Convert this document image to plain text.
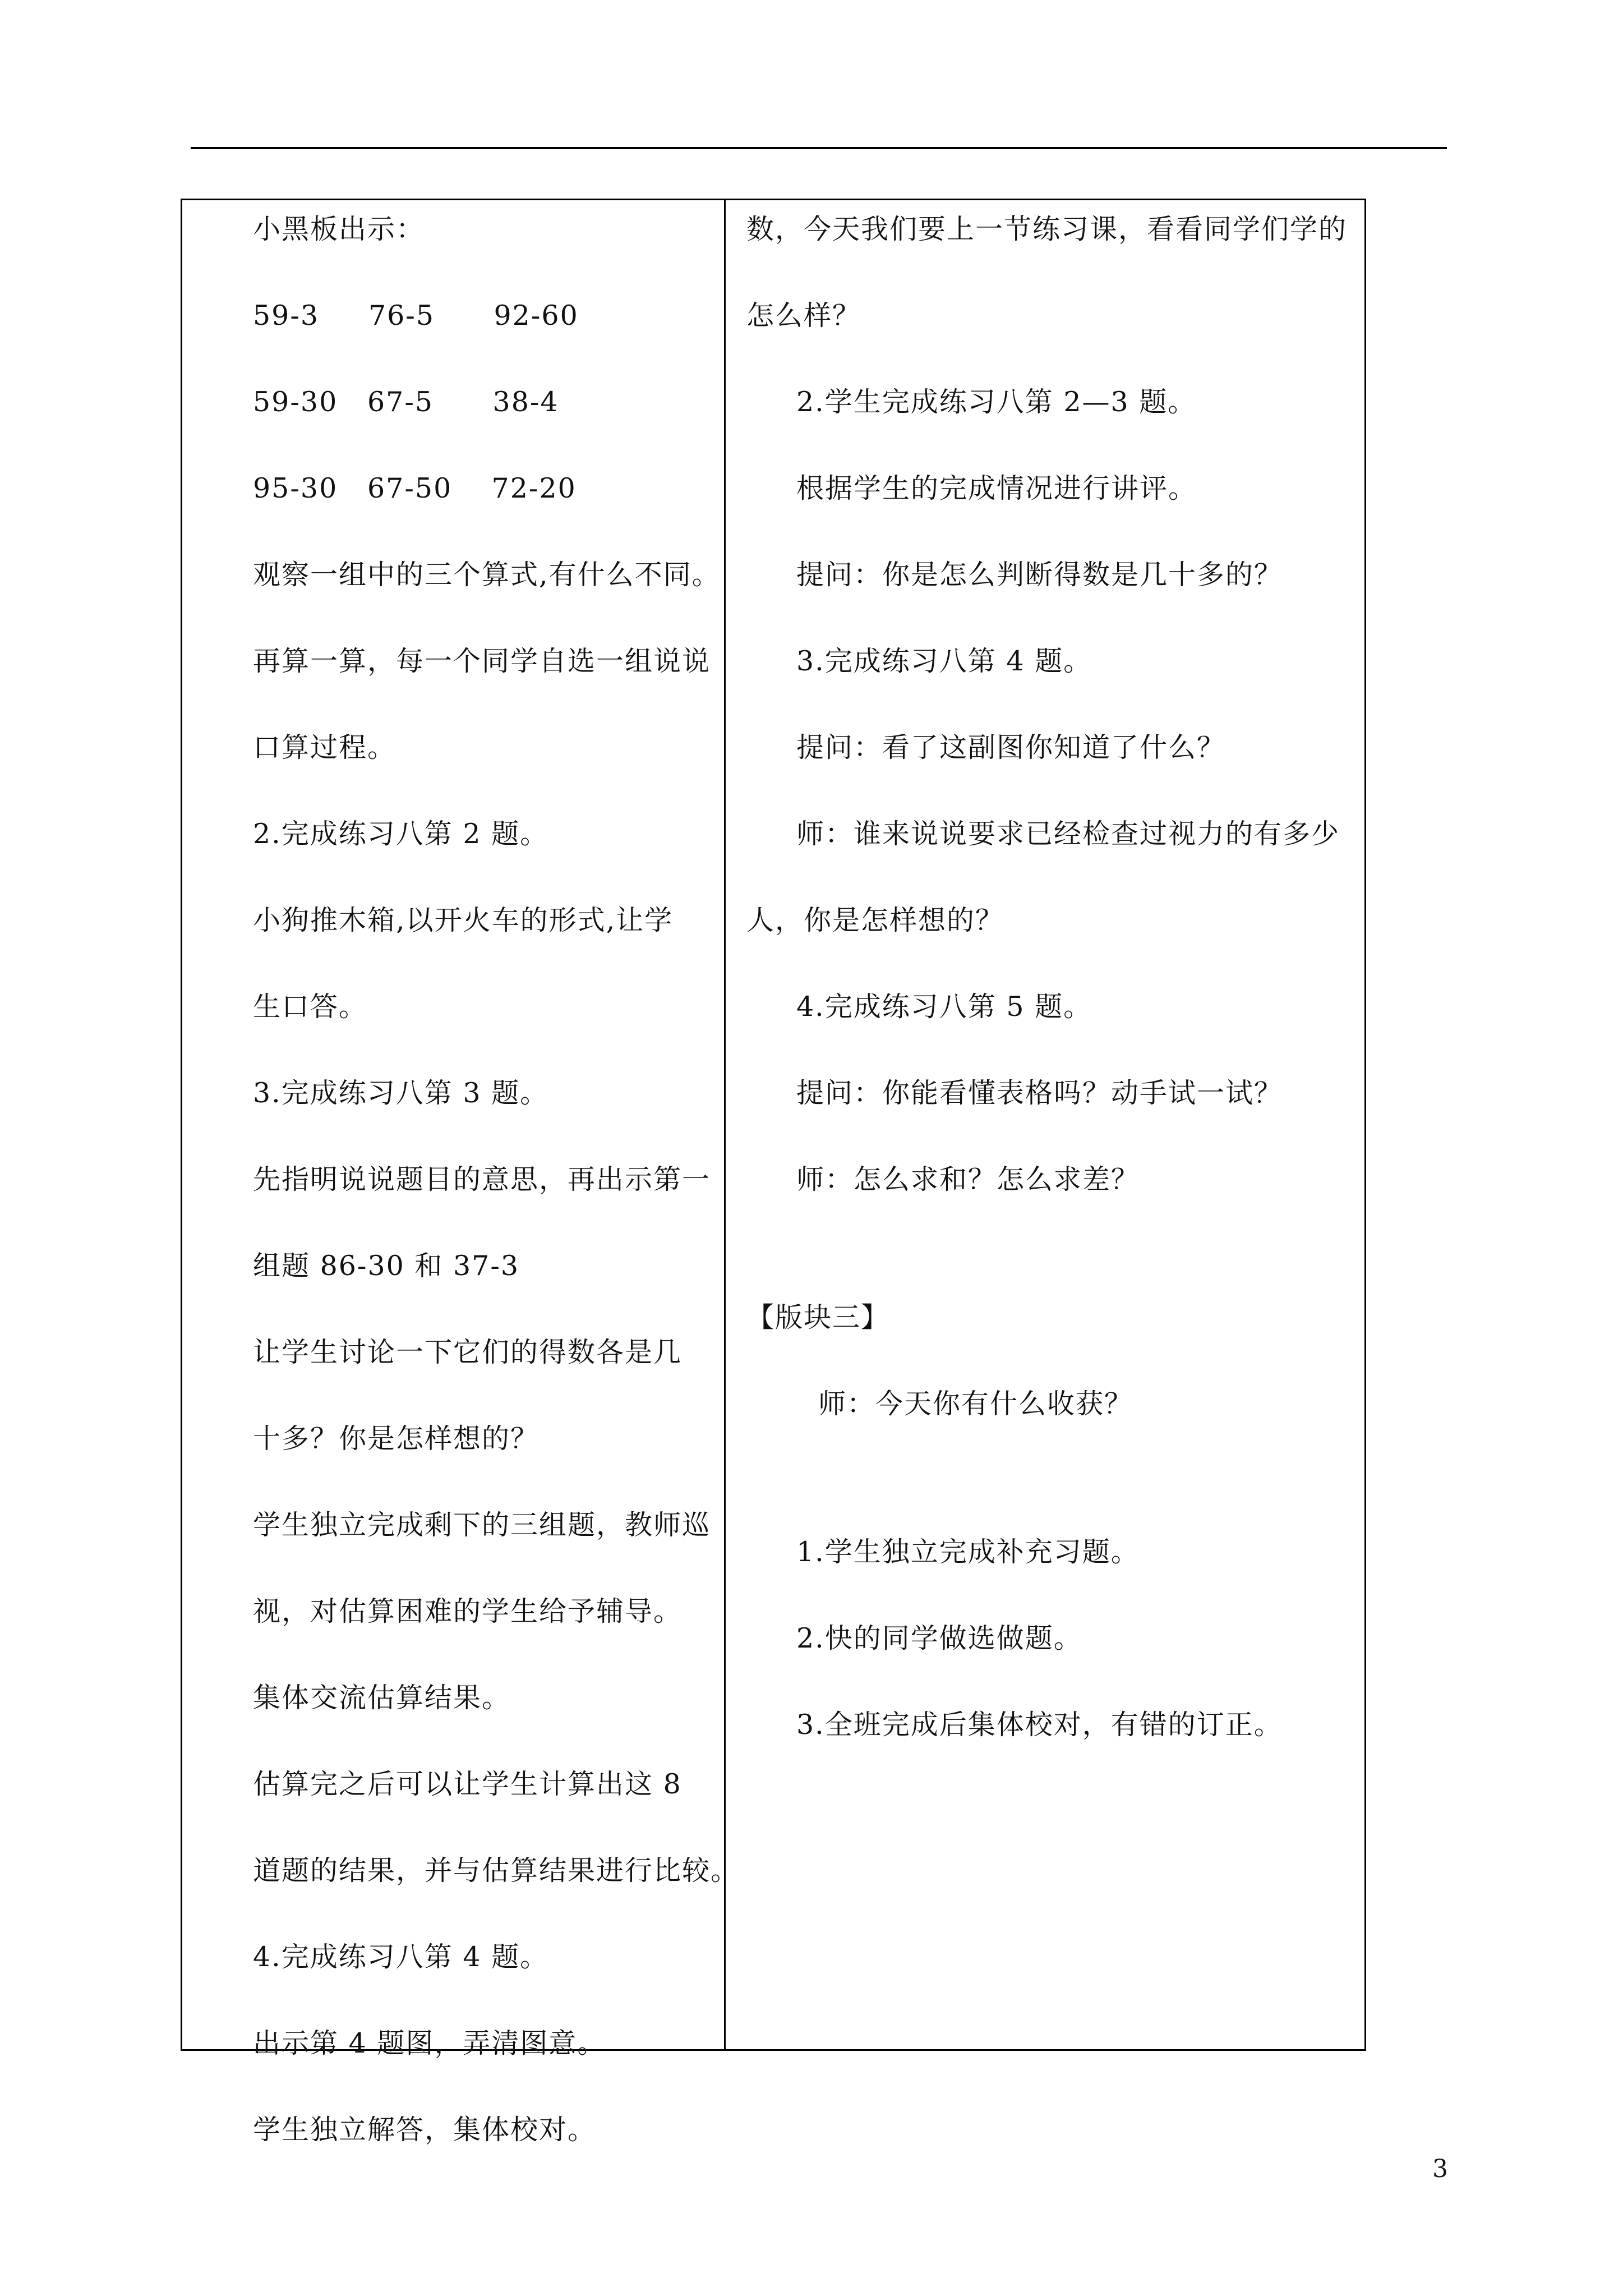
小黑板出示：
59-3     76-5      92-60
59-30   67-5      38-4
95-30   67-50    72-20
观察一组中的三个算式,有什么不同。
再算一算，每一个同学自选一组说说
口算过程。
2.完成练习八第 2 题。
小狗推木箱,以开火车的形式,让学
生口答。
3.完成练习八第 3 题。
先指明说说题目的意思，再出示第一
组题 86-30 和 37-3
让学生讨论一下它们的得数各是几
十多？你是怎样想的？
学生独立完成剩下的三组题，教师巡
视，对估算困难的学生给予辅导。
集体交流估算结果。
估算完之后可以让学生计算出这 8
道题的结果，并与估算结果进行比较。
4.完成练习八第 4 题。
出示第 4 题图，弄清图意。
学生独立解答，集体校对。
数，今天我们要上一节练习课，看看同学们学的
怎么样？
2.学生完成练习八第 2—3 题。
根据学生的完成情况进行讲评。
提问：你是怎么判断得数是几十多的？
3.完成练习八第 4 题。
提问：看了这副图你知道了什么？
师：谁来说说要求已经检查过视力的有多少
人，你是怎样想的？
4.完成练习八第 5 题。
提问：你能看懂表格吗？动手试一试？
师：怎么求和？怎么求差？
【版块三】
师：今天你有什么收获？
1.学生独立完成补充习题。
2.快的同学做选做题。
3.全班完成后集体校对，有错的订正。
3
